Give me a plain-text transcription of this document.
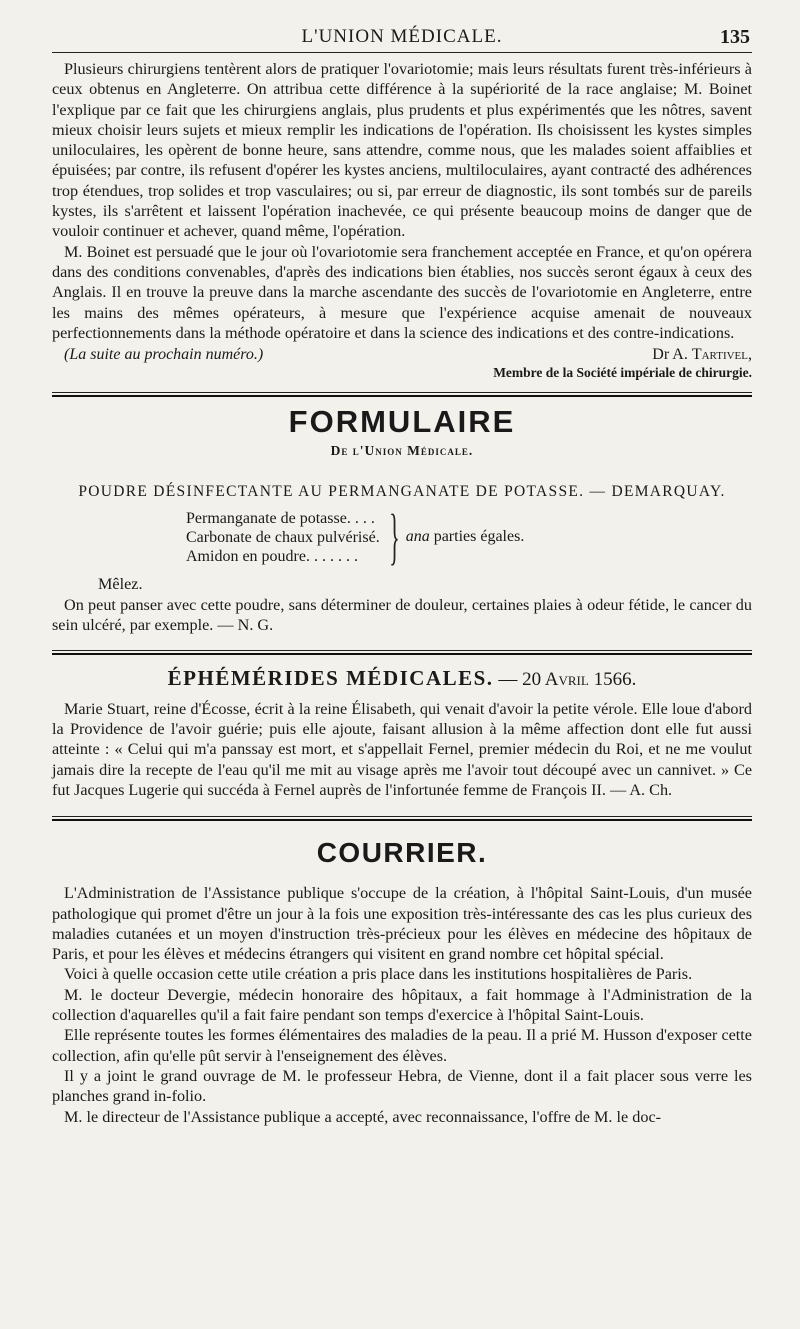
L'UNION MÉDICALE.	135

Plusieurs chirurgiens tentèrent alors de pratiquer l'ovariotomie; mais leurs résultats furent très-inférieurs à ceux obtenus en Angleterre. On attribua cette différence à la supériorité de la race anglaise; M. Boinet l'explique par ce fait que les chirurgiens anglais, plus prudents et plus expérimentés que les nôtres, savent mieux choisir leurs sujets et mieux remplir les indications de l'opération. Ils choisissent les kystes simples uniloculaires, les opèrent de bonne heure, sans attendre, comme nous, que les malades soient affaiblies et épuisées; par contre, ils refusent d'opérer les kystes anciens, multiloculaires, ayant contracté des adhérences trop étendues, trop solides et trop vasculaires; ou si, par erreur de diagnostic, ils sont tombés sur de pareils kystes, ils s'arrêtent et laissent l'opération inachevée, ce qui présente beaucoup moins de danger que de vouloir continuer et achever, quand même, l'opération.

M. Boinet est persuadé que le jour où l'ovariotomie sera franchement acceptée en France, et qu'on opérera dans des conditions convenables, d'après des indications bien établies, nos succès seront égaux à ceux des Anglais. Il en trouve la preuve dans la marche ascendante des succès de l'ovariotomie en Angleterre, entre les mains des mêmes opérateurs, à mesure que l'expérience acquise amenait de nouveaux perfectionnements dans la méthode opératoire et dans la science des indications et des contre-indications.

(La suite au prochain numéro.)	Dr A. Tartivel,
Membre de la Société impériale de chirurgie.
FORMULAIRE
De l'Union Médicale.
POUDRE DÉSINFECTANTE AU PERMANGANATE DE POTASSE. — DEMARQUAY.
Permanganate de potasse. . . .
Carbonate de chaux pulvérisé.
Amidon en poudre. . . . . . . } ana parties égales.
Mêlez.

On peut panser avec cette poudre, sans déterminer de douleur, certaines plaies à odeur fétide, le cancer du sein ulcéré, par exemple. — N. G.

ÉPHÉMÉRIDES MÉDICALES. — 20 Avril 1566.

Marie Stuart, reine d'Écosse, écrit à la reine Élisabeth, qui venait d'avoir la petite vérole. Elle loue d'abord la Providence de l'avoir guérie; puis elle ajoute, faisant allusion à la même affection dont elle fut aussi atteinte : « Celui qui m'a panssay est mort, et s'appellait Fernel, premier médecin du Roi, et ne me voulut jamais dire la recepte de l'eau qu'il me mit au visage après me l'avoir tout découpé avec un cannivet. » Ce fut Jacques Lugerie qui succéda à Fernel auprès de l'infortunée femme de François II. — A. Ch.

COURRIER.

L'Administration de l'Assistance publique s'occupe de la création, à l'hôpital Saint-Louis, d'un musée pathologique qui promet d'être un jour à la fois une exposition très-intéressante des cas les plus curieux des maladies cutanées et un moyen d'instruction très-précieux pour les élèves en médecine des hôpitaux de Paris, et pour les élèves et médecins étrangers qui visitent en grand nombre cet hôpital spécial.

Voici à quelle occasion cette utile création a pris place dans les institutions hospitalières de Paris.

M. le docteur Devergie, médecin honoraire des hôpitaux, a fait hommage à l'Administration de la collection d'aquarelles qu'il a fait faire pendant son temps d'exercice à l'hôpital Saint-Louis.

Elle représente toutes les formes élémentaires des maladies de la peau. Il a prié M. Husson d'exposer cette collection, afin qu'elle pût servir à l'enseignement des élèves.

Il y a joint le grand ouvrage de M. le professeur Hebra, de Vienne, dont il a fait placer sous verre les planches grand in-folio.

M. le directeur de l'Assistance publique a accepté, avec reconnaissance, l'offre de M. le doc-
